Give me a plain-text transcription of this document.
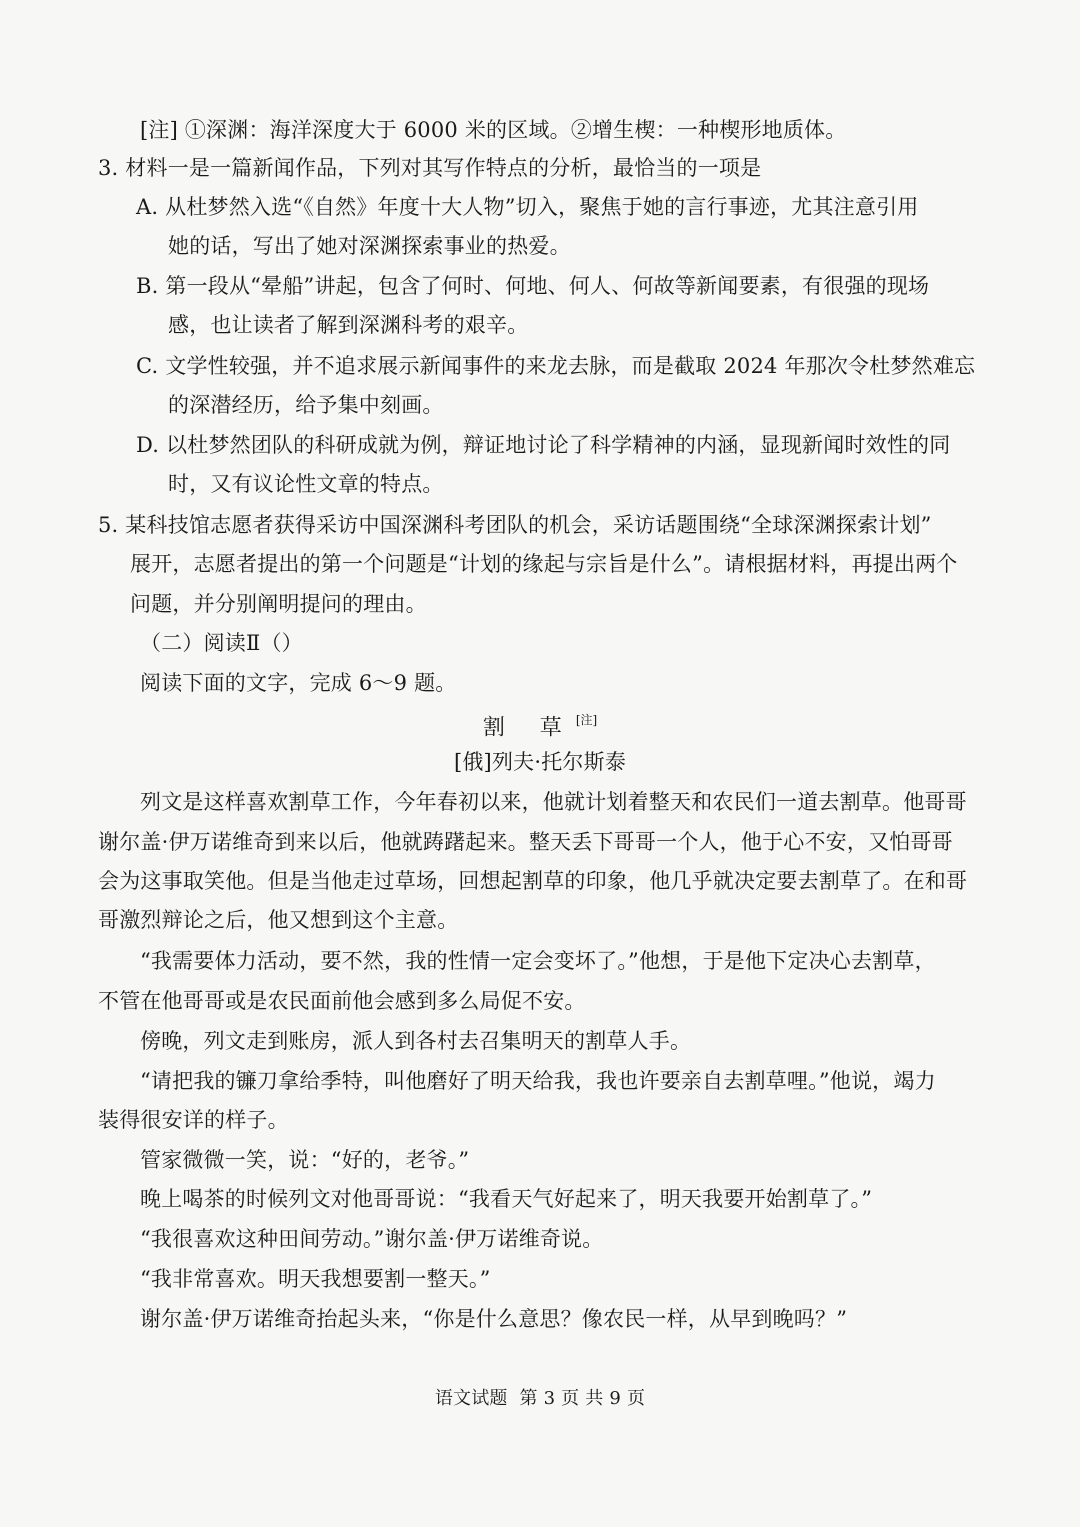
[注] ①深渊：海洋深度大于 6000 米的区域。②增生楔：一种楔形地质体。
3. 材料一是一篇新闻作品，下列对其写作特点的分析，最恰当的一项是
A. 从杜梦然入选“《自然》年度十大人物”切入，聚焦于她的言行事迹，尤其注意引用
她的话，写出了她对深渊探索事业的热爱。
B. 第一段从“晕船”讲起，包含了何时、何地、何人、何故等新闻要素，有很强的现场
感，也让读者了解到深渊科考的艰辛。
C. 文学性较强，并不追求展示新闻事件的来龙去脉，而是截取 2024 年那次令杜梦然难忘
的深潜经历，给予集中刻画。
D. 以杜梦然团队的科研成就为例，辩证地讨论了科学精神的内涵，显现新闻时效性的同
时，又有议论性文章的特点。
5. 某科技馆志愿者获得采访中国深渊科考团队的机会，采访话题围绕“全球深渊探索计划”
展开，志愿者提出的第一个问题是“计划的缘起与宗旨是什么”。请根据材料，再提出两个
问题，并分别阐明提问的理由。
（二）阅读Ⅱ（）
阅读下面的文字，完成 6～9 题。
割 草[注]
[俄]列夫·托尔斯泰
列文是这样喜欢割草工作，今年春初以来，他就计划着整天和农民们一道去割草。他哥哥
谢尔盖·伊万诺维奇到来以后，他就踌躇起来。整天丢下哥哥一个人，他于心不安，又怕哥哥
会为这事取笑他。但是当他走过草场，回想起割草的印象，他几乎就决定要去割草了。在和哥
哥激烈辩论之后，他又想到这个主意。
“我需要体力活动，要不然，我的性情一定会变坏了。”他想，于是他下定决心去割草，
不管在他哥哥或是农民面前他会感到多么局促不安。
傍晚，列文走到账房，派人到各村去召集明天的割草人手。
“请把我的镰刀拿给季特，叫他磨好了明天给我，我也许要亲自去割草哩。”他说，竭力
装得很安详的样子。
管家微微一笑，说：“好的，老爷。”
晚上喝茶的时候列文对他哥哥说：“我看天气好起来了，明天我要开始割草了。”
“我很喜欢这种田间劳动。”谢尔盖·伊万诺维奇说。
“我非常喜欢。明天我想要割一整天。”
谢尔盖·伊万诺维奇抬起头来，“你是什么意思？像农民一样，从早到晚吗？”
语文试题  第 3 页 共 9 页
